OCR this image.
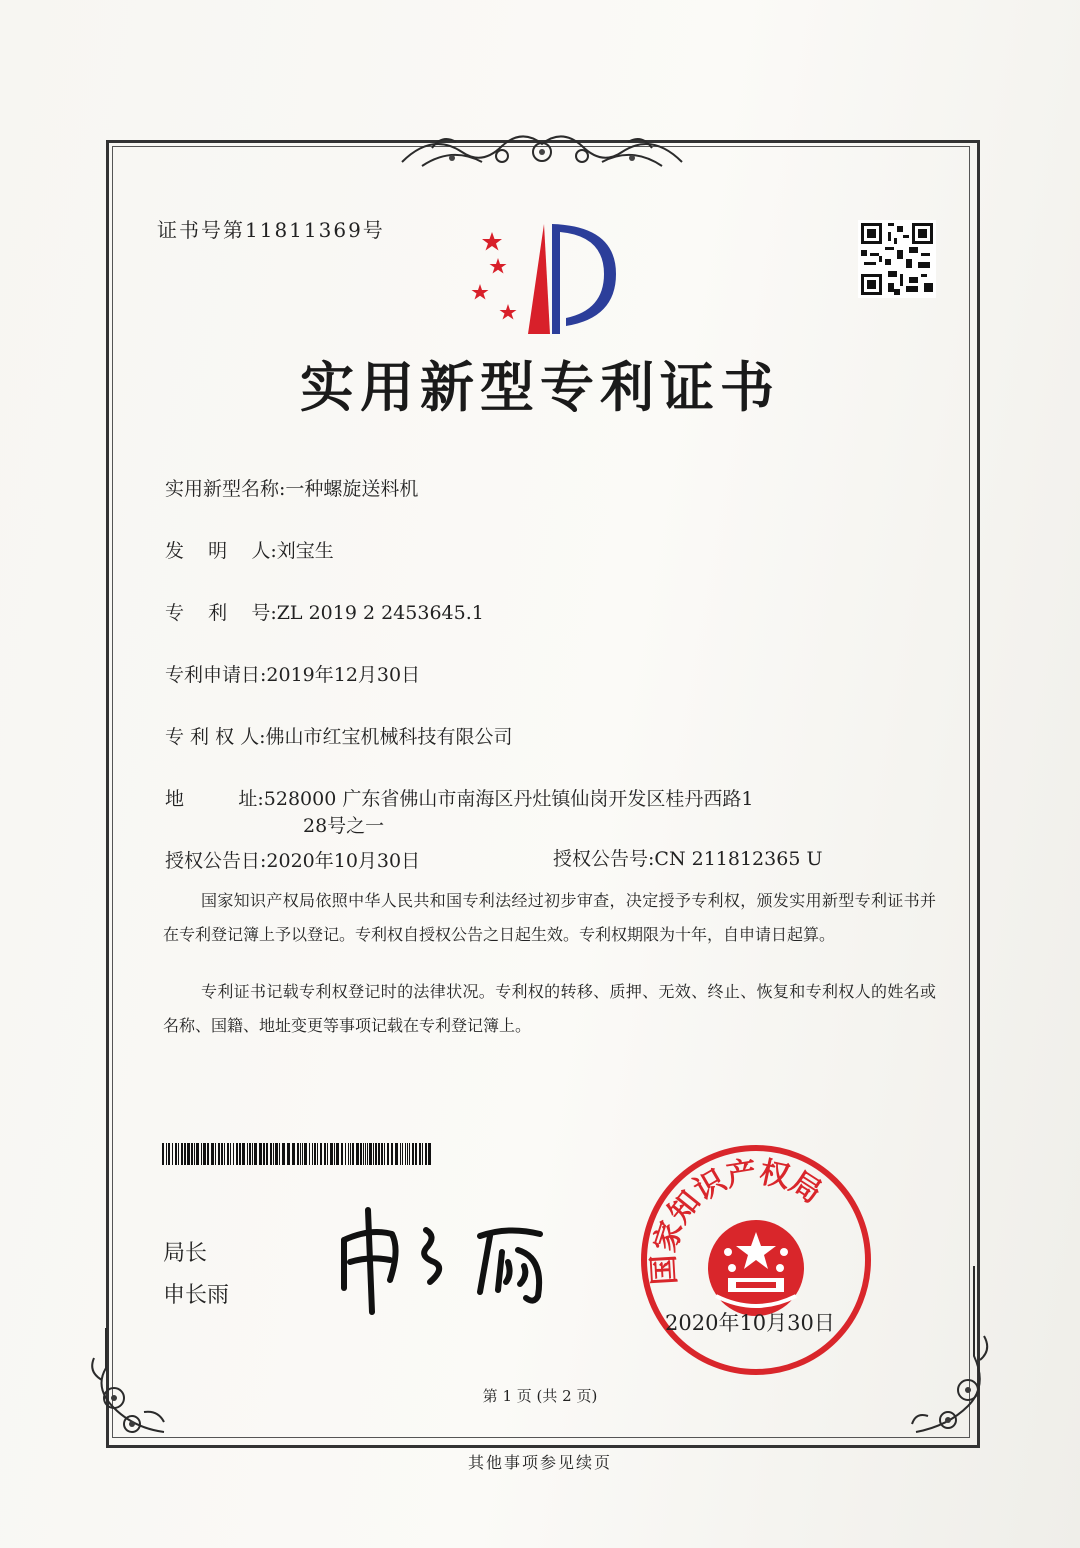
证书号第11811369号
实用新型专利证书
实用新型名称:一种螺旋送料机
发    明    人:刘宝生
专    利    号:ZL 2019 2 2453645.1
专利申请日:2019年12月30日
专 利 权 人:佛山市红宝机械科技有限公司
地         址:528000 广东省佛山市南海区丹灶镇仙岗开发区桂丹西路1
28号之一
授权公告日:2020年10月30日	授权公告号:CN 211812365 U
国家知识产权局依照中华人民共和国专利法经过初步审查，决定授予专利权，颁发实用新型专利证书并在专利登记簿上予以登记。专利权自授权公告之日起生效。专利权期限为十年，自申请日起算。
专利证书记载专利权登记时的法律状况。专利权的转移、质押、无效、终止、恢复和专利权人的姓名或名称、国籍、地址变更等事项记载在专利登记簿上。
局长
申长雨
国家知识产权局
2020年10月30日
第 1 页 (共 2 页)
其他事项参见续页
